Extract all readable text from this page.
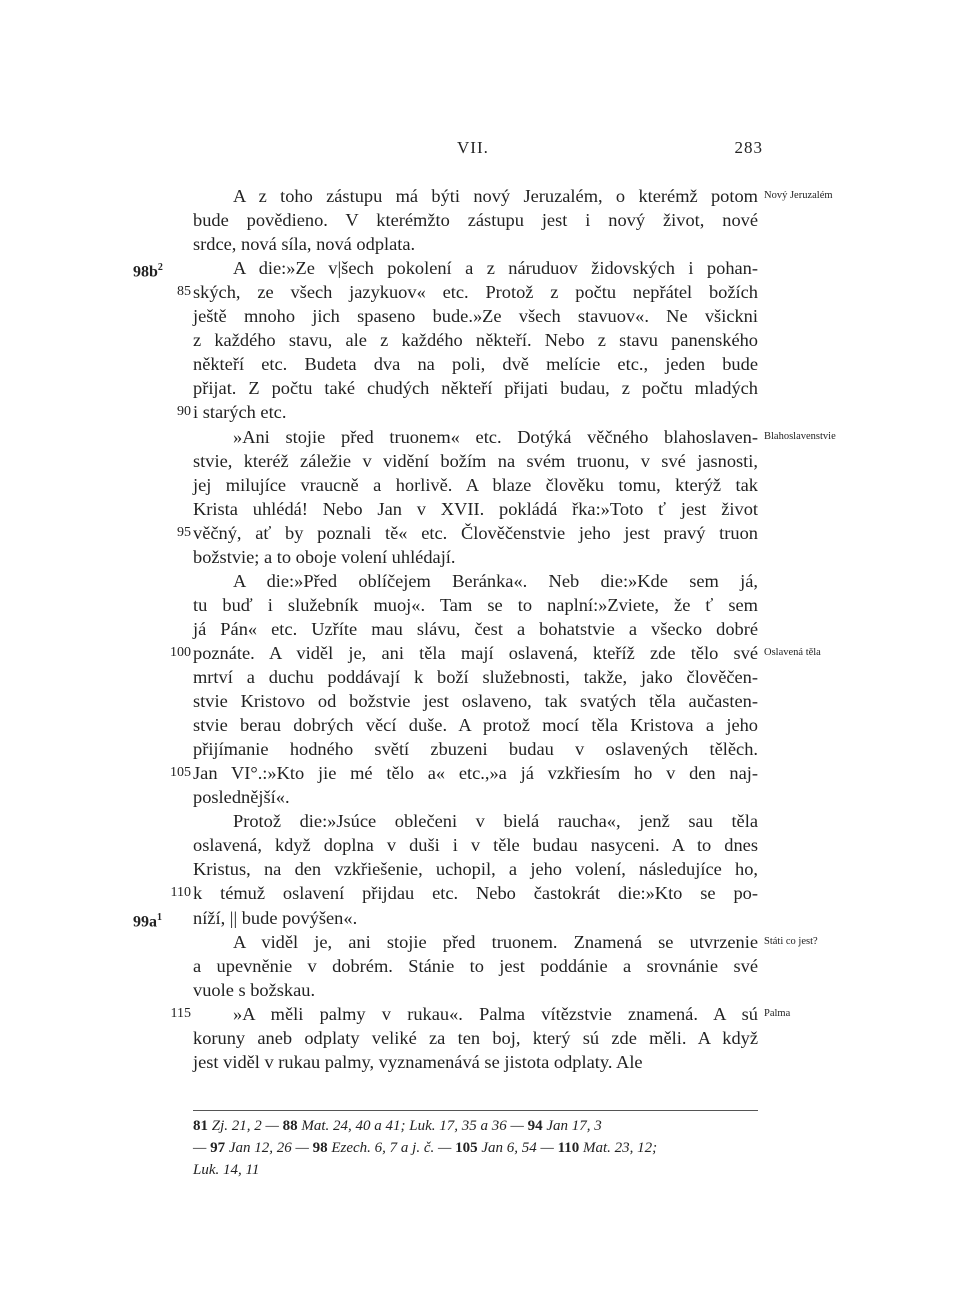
VII.	283
A z toho zástupu má býti nový Jeruzalém, o kterémž potom
bude povědieno. V kterémžto zástupu jest i nový život, nové
srdce, nová síla, nová odplata.
A die:»Ze v|šech pokolení a z náruduov židovských i pohan-
ských, ze všech jazykuov« etc. Protož z počtu nepřátel božích
ještě mnoho jich spaseno bude.»Ze všech stavuov«. Ne všickni
z každého stavu, ale z každého někteří. Nebo z stavu panenského
někteří etc. Budeta dva na poli, dvě melície etc., jeden bude
přijat. Z počtu také chudých někteří přijati budau, z počtu mladých
i starých etc.
»Ani stojie před truonem« etc. Dotýká věčného blahoslaven-
stvie, kteréž záležie v vidění božím na svém truonu, v své jasnosti,
jej milujíce vraucně a horlivě. A blaze člověku tomu, kterýž tak
Krista uhlédá! Nebo Jan v XVII. pokládá řka:»Toto ť jest život
věčný, ať by poznali tě« etc. Člověčenstvie jeho jest pravý truon
božstvie; a to oboje volení uhlédají.
A die:»Před oblíčejem Beránka«. Neb die:»Kde sem já,
tu buď i služebník muoj«. Tam se to naplní:»Zviete, že ť sem
já Pán« etc. Uzříte mau slávu, čest a bohatstvie a všecko dobré
poznáte. A viděl je, ani těla mají oslavená, kteříž zde tělo své
mrtví a duchu poddávají k boží služebnosti, takže, jako člověčen-
stvie Kristovo od božstvie jest oslaveno, tak svatých těla aučasten-
stvie berau dobrých věcí duše. A protož mocí těla Kristova a jeho
přijímanie hodného světí zbuzeni budau v oslavených tělěch.
Jan VI°.:»Kto jie mé tělo a« etc.,»a já vzkřiesím ho v den naj-
poslednější«.
Protož die:»Jsúce oblečeni v bielá raucha«, jenž sau těla
oslavená, když doplna v duši i v těle budau nasyceni. A to dnes
Kristus, na den vzkřiešenie, uchopil, a jeho volení, následujíce ho,
k témuž oslavení přijdau etc. Nebo častokrát die:»Kto se po-
níží, || bude povýšen«.
A viděl je, ani stojie před truonem. Znamená se utvrzenie
a upevněnie v dobrém. Stánie to jest poddánie a srovnánie své
vuole s božskau.
»A měli palmy v rukau«. Palma vítězstvie znamená. A sú
koruny aneb odplaty veliké za ten boj, který sú zde měli. A když
jest viděl v rukau palmy, vyznamenává se jistota odplaty. Ale
85
90
95
100
105
110
115
$98b^2$
$99a^1$
Nový Jeruzalém
Blahoslavenstvie
Oslavená těla
Státi co jest?
Palma
81 Zj. 21, 2 — 88 Mat. 24, 40 a 41; Luk. 17, 35 a 36 — 94 Jan 17, 3
— 97 Jan 12, 26 — 98 Ezech. 6, 7 a j. č. — 105 Jan 6, 54 — 110 Mat. 23, 12;
Luk. 14, 11
